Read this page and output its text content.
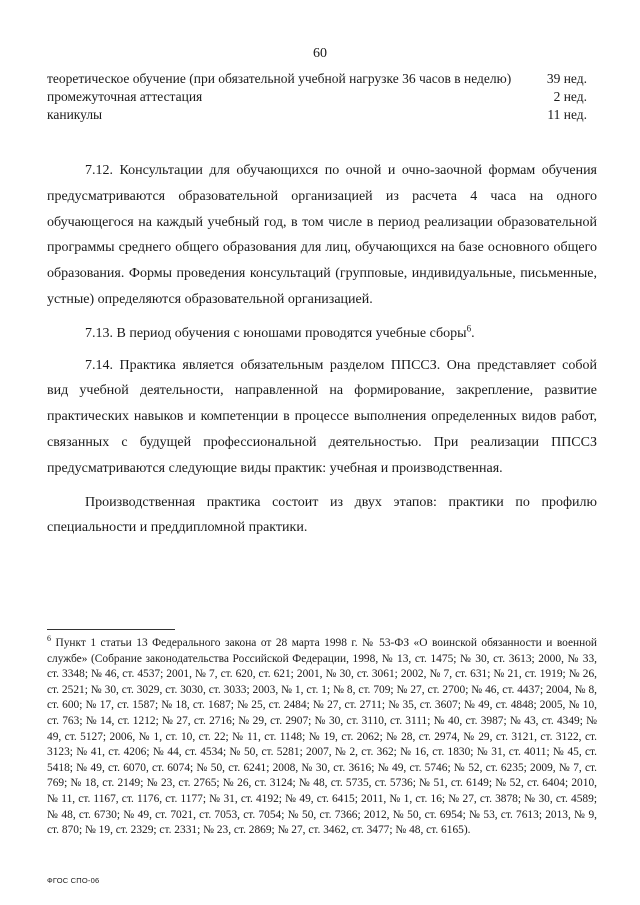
60
теоретическое обучение (при обязательной учебной нагрузке 36 часов в неделю)	39 нед.
промежуточная аттестация	2 нед.
каникулы	11 нед.

7.12. Консультации для обучающихся по очной и очно-заочной формам обучения предусматриваются образовательной организацией из расчета 4 часа на одного обучающегося на каждый учебный год, в том числе в период реализации образовательной программы среднего общего образования для лиц, обучающихся на базе основного общего образования. Формы проведения консультаций (групповые, индивидуальные, письменные, устные) определяются образовательной организацией.

7.13. В период обучения с юношами проводятся учебные сборы$^6$.

7.14. Практика является обязательным разделом ППССЗ. Она представляет собой вид учебной деятельности, направленной на формирование, закрепление, развитие практических навыков и компетенции в процессе выполнения определенных видов работ, связанных с будущей профессиональной деятельностью. При реализации ППССЗ предусматриваются следующие виды практик: учебная и производственная.

Производственная практика состоит из двух этапов: практики по профилю специальности и преддипломной практики.

$^6$ Пункт 1 статьи 13 Федерального закона от 28 марта 1998 г. № 53-ФЗ «О воинской обязанности и военной службе» (Собрание законодательства Российской Федерации, 1998, № 13, ст. 1475; № 30, ст. 3613; 2000, № 33, ст. 3348; № 46, ст. 4537; 2001, № 7, ст. 620, ст. 621; 2001, № 30, ст. 3061; 2002, № 7, ст. 631; № 21, ст. 1919; № 26, ст. 2521; № 30, ст. 3029, ст. 3030, ст. 3033; 2003, № 1, ст. 1; № 8, ст. 709; № 27, ст. 2700; № 46, ст. 4437; 2004, № 8, ст. 600; № 17, ст. 1587; № 18, ст. 1687; № 25, ст. 2484; № 27, ст. 2711; № 35, ст. 3607; № 49, ст. 4848; 2005, № 10, ст. 763; № 14, ст. 1212; № 27, ст. 2716; № 29, ст. 2907; № 30, ст. 3110, ст. 3111; № 40, ст. 3987; № 43, ст. 4349; № 49, ст. 5127; 2006, № 1, ст. 10, ст. 22; № 11, ст. 1148; № 19, ст. 2062; № 28, ст. 2974, № 29, ст. 3121, ст. 3122, ст. 3123; № 41, ст. 4206; № 44, ст. 4534; № 50, ст. 5281; 2007, № 2, ст. 362; № 16, ст. 1830; № 31, ст. 4011; № 45, ст. 5418; № 49, ст. 6070, ст. 6074; № 50, ст. 6241; 2008, № 30, ст. 3616; № 49, ст. 5746; № 52, ст. 6235; 2009, № 7, ст. 769; № 18, ст. 2149; № 23, ст. 2765; № 26, ст. 3124; № 48, ст. 5735, ст. 5736; № 51, ст. 6149; № 52, ст. 6404; 2010, № 11, ст. 1167, ст. 1176, ст. 1177; № 31, ст. 4192; № 49, ст. 6415; 2011, № 1, ст. 16; № 27, ст. 3878; № 30, ст. 4589; № 48, ст. 6730; № 49, ст. 7021, ст. 7053, ст. 7054; № 50, ст. 7366; 2012, № 50, ст. 6954; № 53, ст. 7613; 2013, № 9, ст. 870; № 19, ст. 2329; ст. 2331; № 23, ст. 2869; № 27, ст. 3462, ст. 3477; № 48, ст. 6165).
ФГОС СПО-06
